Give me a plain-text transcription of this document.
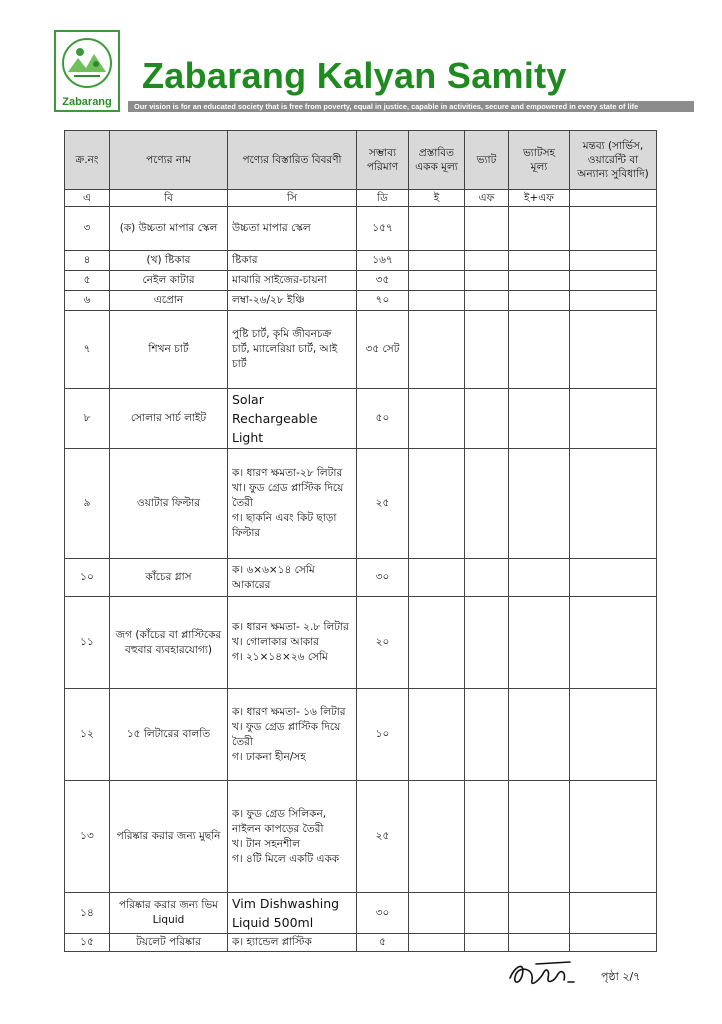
Zabarang
Zabarang Kalyan Samity
Our vision is for an educated society that is free from poverty, equal in justice, capable in activities, secure and empowered in every state of life
ক্র.নং	পণ্যের নাম	পণ্যের বিস্তারিত বিবরণী	সম্ভাব্য পরিমাণ	প্রস্তাবিত একক মূল্য	ভ্যাট	ভ্যাটসহ মূল্য	মন্তব্য (সার্ভিস, ওয়ারেন্টি বা অন্যান্য সুবিধাদি)
এ	বি	সি	ডি	ই	এফ	ই+এফ	
৩	(ক) উচ্চতা মাপার স্কেল	উচ্চতা মাপার স্কেল	১৫৭				
৪	(খ) ষ্টিকার	ষ্টিকার	১৬৭				
৫	নেইল কাটার	মাঝারি সাইজের-চায়না	৩৫				
৬	এপ্রোন	লম্বা-২৬/২৮ ইঞ্চি	৭০				
৭	শিখন চার্ট	পুষ্টি চার্ট, কৃমি জীবনচক্র চার্ট, ম্যালেরিয়া চার্ট, আই চার্ট	৩৫ সেট				
৮	সোলার সার্চ লাইট	Solar Rechargeable Light	৫০				
৯	ওয়াটার ফিল্টার	ক। ধারণ ক্ষমতা-২৮ লিটার
খা। ফুড গ্রেড প্লাস্টিক দিয়ে তৈরী
গ। ছাকনি এবং কিট ছাড়া ফিল্টার	২৫				
১০	কাঁচের গ্লাস	ক। ৬×৬×১৪ সেমি আকারের	৩০				
১১	জগ (কাঁচের বা প্লাস্টিকের বহুবার ব্যবহারযোগ্য)	ক। ধারন ক্ষমতা- ২.৮ লিটার
খ। গোলাকার আকার
গ। ২১×১৪×২৬ সেমি	২০				
১২	১৫ লিটারের বালতি	ক। ধারণ ক্ষমতা- ১৬ লিটার
খ। ফুড গ্রেড প্লাস্টিক দিয়ে তৈরী
গ। ঢাকনা হীন/সহ	১০				
১৩	পরিষ্কার করার জন্য মুছনি	ক। ফুড গ্রেড সিলিকন, নাইলন কাপড়ের তৈরী
খ। টান সহনশীল
গ। ৪টি মিলে একটি একক	২৫				
১৪	পরিষ্কার করার জন্য ভিম Liquid	Vim Dishwashing Liquid 500ml	৩০				
১৫	টয়লেট পরিষ্কার	ক। হ্যান্ডেল প্লাস্টিক	৫				
পৃষ্ঠা ২/৭
